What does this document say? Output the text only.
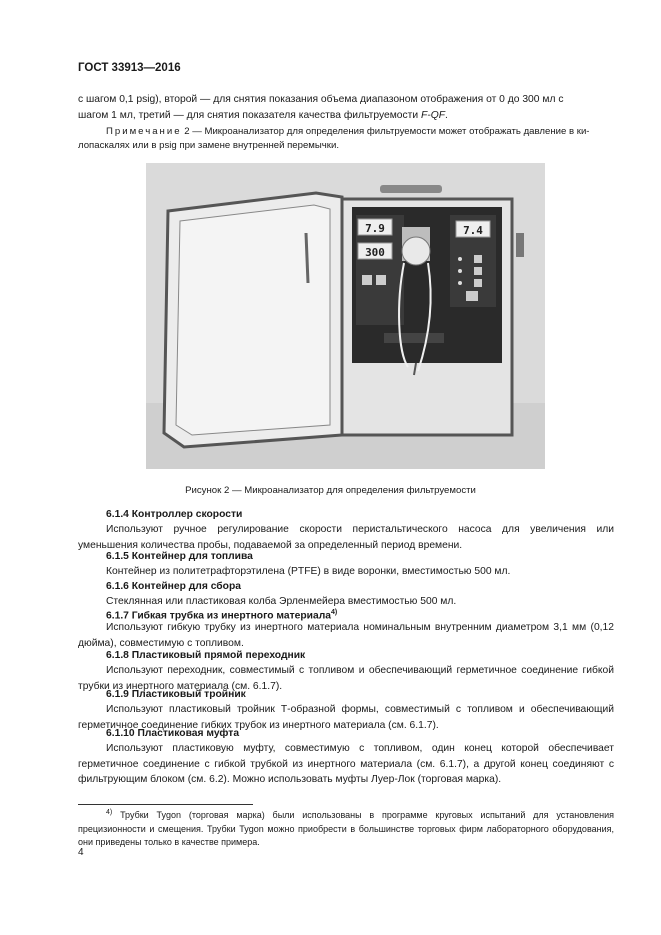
ГОСТ 33913—2016
с шагом 0,1 psig), второй — для снятия показания объема диапазоном отображения от 0 до 300 мл с
шагом 1 мл, третий — для снятия показателя качества фильтруемости F-QF.
Примечание 2 — Микроанализатор для определения фильтруемости может отображать давление в ки-
лопаскалях или в psig при замене внутренней перемычки.
7.9
300
7.4
Рисунок 2 — Микроанализатор для определения фильтруемости
6.1.4 Контроллер скорости
Используют ручное регулирование скорости перистальтического насоса для увеличения или уменьшения количества пробы, подаваемой за определенный период времени.
6.1.5 Контейнер для топлива
Контейнер из политетрафторэтилена (PTFE) в виде воронки, вместимостью 500 мл.
6.1.6 Контейнер для сбора
Стеклянная или пластиковая колба Эрленмейера вместимостью 500 мл.
6.1.7 Гибкая трубка из инертного материала$^{4)}$
Используют гибкую трубку из инертного материала номинальным внутренним диаметром 3,1 мм (0,12 дюйма), совместимую с топливом.
6.1.8 Пластиковый прямой переходник
Используют переходник, совместимый с топливом и обеспечивающий герметичное соединение гибкой трубки из инертного материала (см. 6.1.7).
6.1.9 Пластиковый тройник
Используют пластиковый тройник Т-образной формы, совместимый с топливом и обеспечивающий герметичное соединение гибких трубок из инертного материала (см. 6.1.7).
6.1.10 Пластиковая муфта
Используют пластиковую муфту, совместимую с топливом, один конец которой обеспечивает герметичное соединение с гибкой трубкой из инертного материала (см. 6.1.7), а другой конец соединяют с фильтрующим блоком (см. 6.2). Можно использовать муфты Луер-Лок (торговая марка).
$^{4)}$ Трубки Tygon (торговая марка) были использованы в программе круговых испытаний для установления прецизионности и смещения. Трубки Tygon можно приобрести в большинстве торговых фирм лабораторного оборудования, они приведены только в качестве примера.
4
